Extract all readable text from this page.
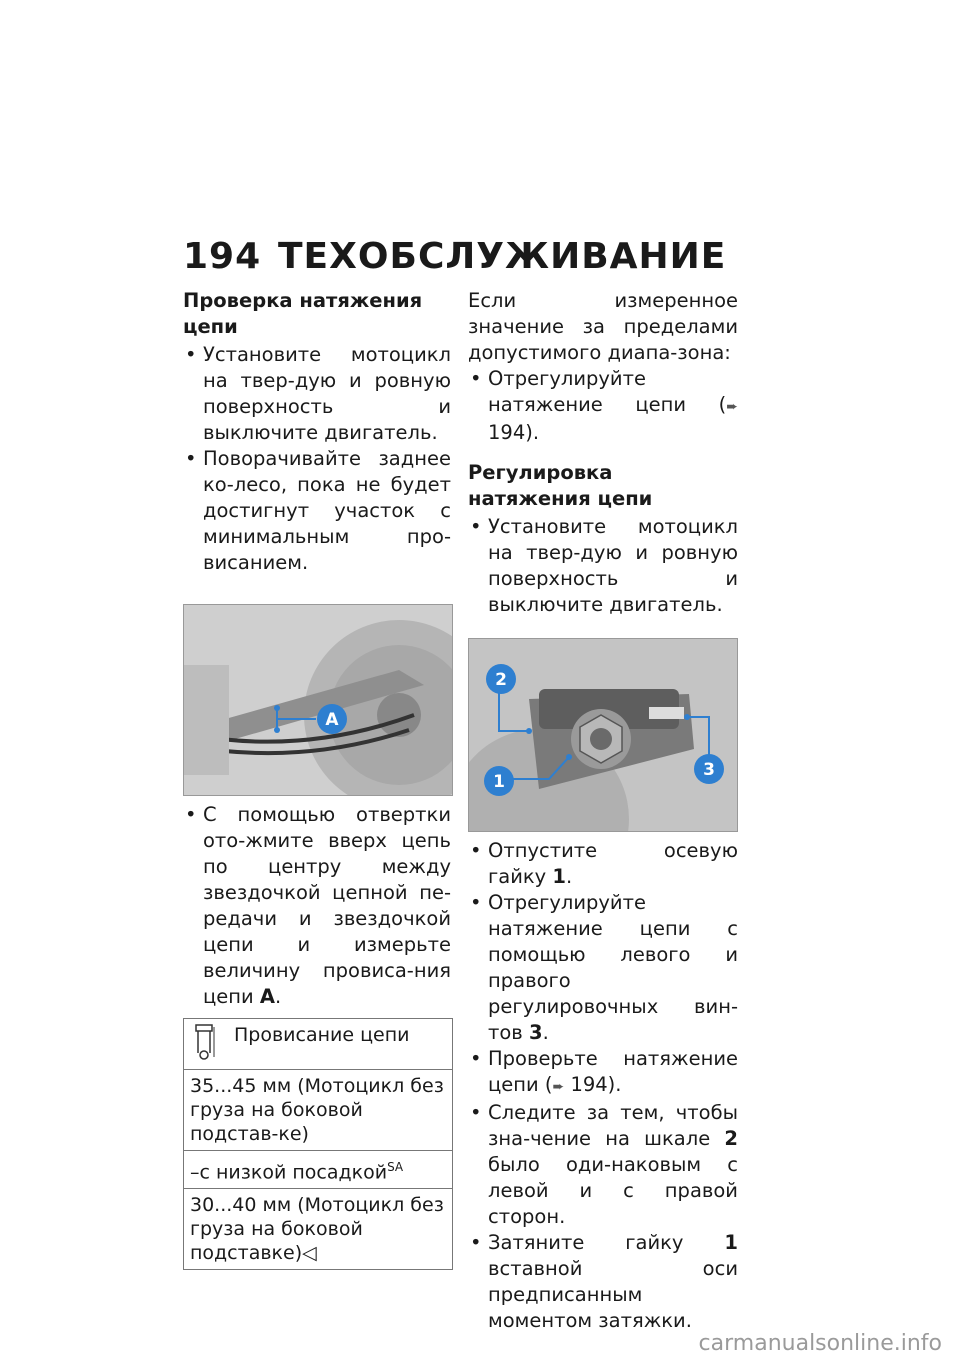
194 ТЕХОБСЛУЖИВАНИЕ
Проверка натяжения цепи
• Установите мотоцикл на твер-дую и ровную поверхность и выключите двигатель.

• Поворачивайте заднее ко-лесо, пока не будет достигнут участок с минимальным про-висанием.

A
• С помощью отвертки ото-жмите вверх цепь по центру между звездочкой цепной пе-редачи и звездочкой цепи и измерьте величину провиса-ния цепи A.

Провисание цепи
35...45 мм (Мотоцикл без груза на боковой подстав-ке)
–с низкой посадкой$^{SA}$
30...40 мм (Мотоцикл без груза на боковой подставке)◁

Если измеренное значение за пределами допустимого диапа-зона:

• Отрегулируйте натяжение цепи (➨ 194).

Регулировка натяжения цепи
• Установите мотоцикл на твер-дую и ровную поверхность и выключите двигатель.

2
1
3
• Отпустите осевую гайку 1.

• Отрегулируйте натяжение цепи с помощью левого и правого регулировочных вин-тов 3.

• Проверьте натяжение цепи (➨ 194).

• Следите за тем, чтобы зна-чение на шкале 2 было оди-наковым с левой и с правой сторон.

• Затяните гайку 1 вставной оси предписанным моментом затяжки.

carmanualsonline.info
